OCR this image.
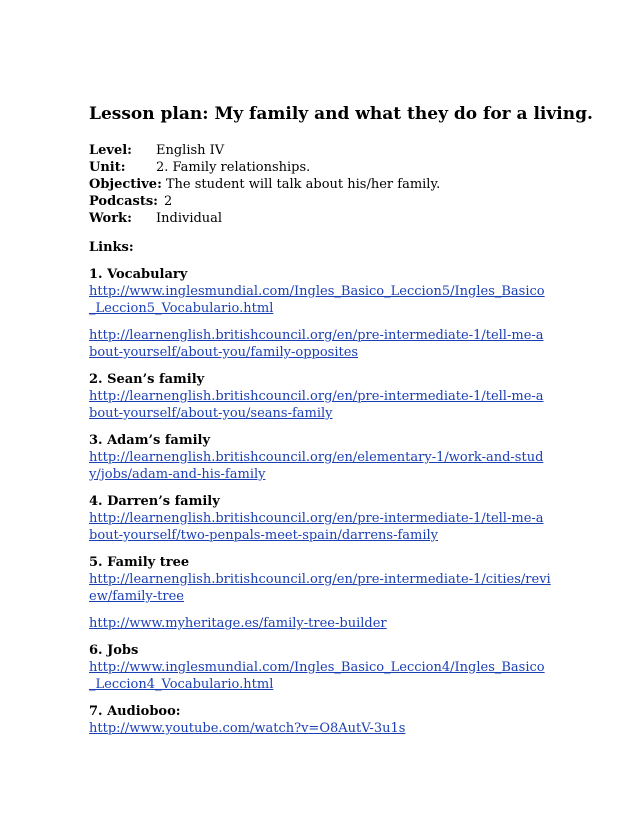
Lesson plan: My family and what they do for a living.
Level:	English IV
Unit:	2. Family relationships.
Objective: The student will talk about his/her family.
Podcasts: 2
Work:	Individual
Links:
1. Vocabulary
http://www.inglesmundial.com/Ingles_Basico_Leccion5/Ingles_Basico_Leccion5_Vocabulario.html
http://learnenglish.britishcouncil.org/en/pre-intermediate-1/tell-me-about-yourself/about-you/family-opposites
2. Sean’s family
http://learnenglish.britishcouncil.org/en/pre-intermediate-1/tell-me-about-yourself/about-you/seans-family
3. Adam’s family
http://learnenglish.britishcouncil.org/en/elementary-1/work-and-study/jobs/adam-and-his-family
4. Darren’s family
http://learnenglish.britishcouncil.org/en/pre-intermediate-1/tell-me-about-yourself/two-penpals-meet-spain/darrens-family
5. Family tree
http://learnenglish.britishcouncil.org/en/pre-intermediate-1/cities/review/family-tree
http://www.myheritage.es/family-tree-builder
6. Jobs
http://www.inglesmundial.com/Ingles_Basico_Leccion4/Ingles_Basico_Leccion4_Vocabulario.html
7. Audioboo:
http://www.youtube.com/watch?v=O8AutV-3u1s
